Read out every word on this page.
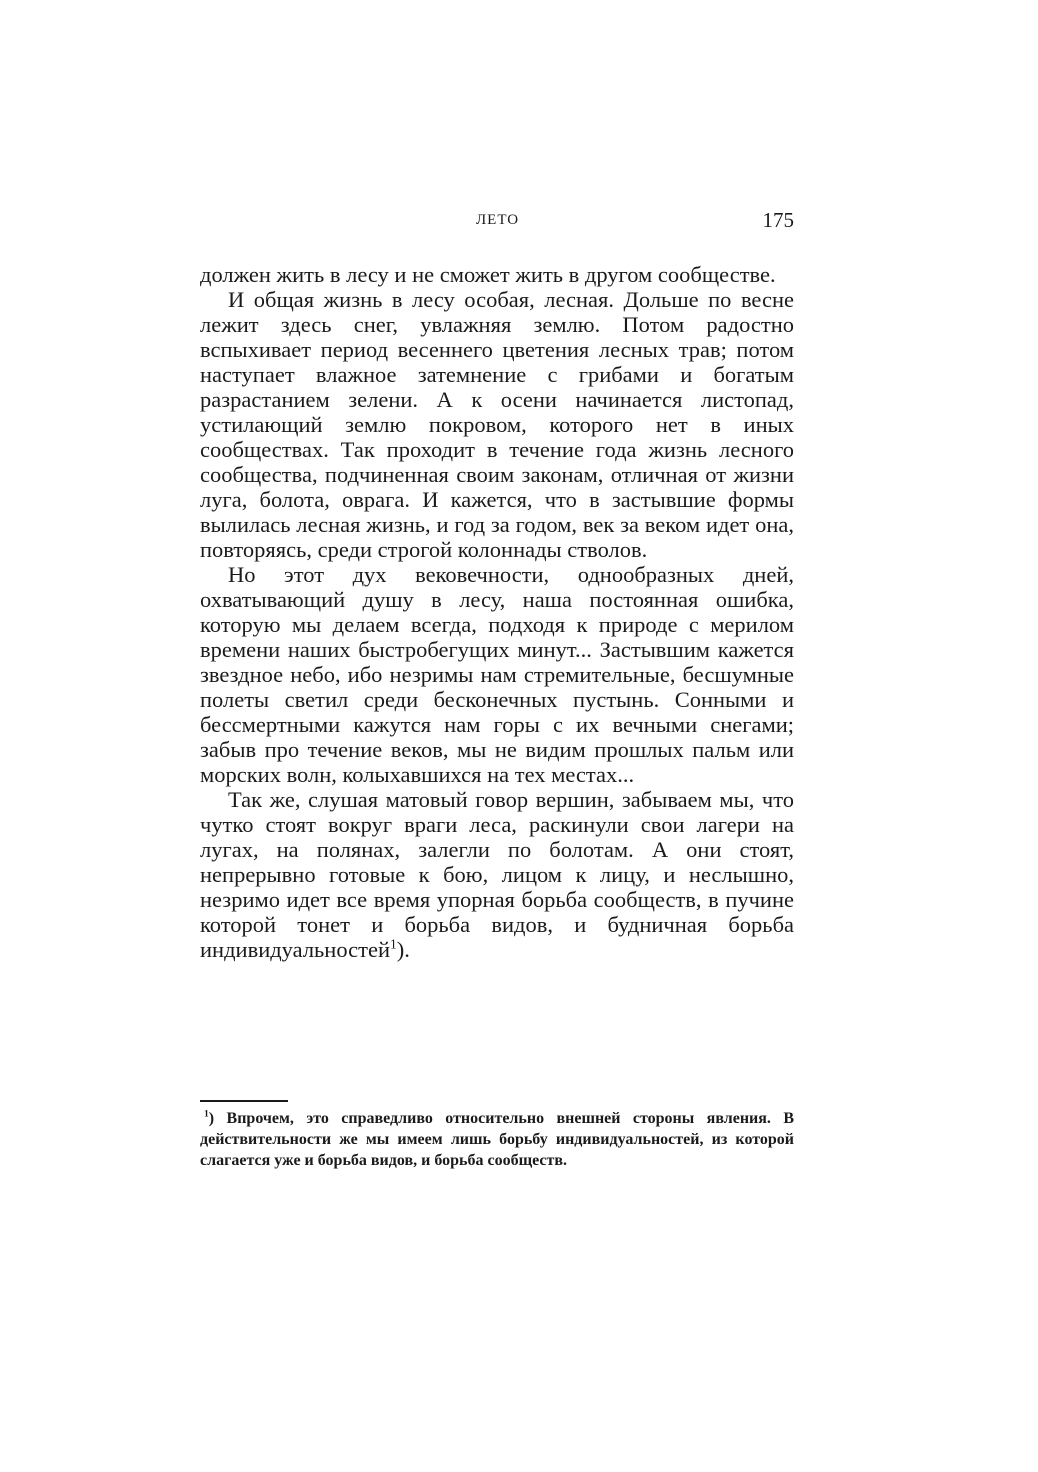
ЛЕТО	175

должен жить в лесу и не сможет жить в другом сообществе.

И общая жизнь в лесу особая, лесная. Дольше по весне лежит здесь снег, увлажняя землю. Потом радостно вспыхивает период весеннего цветения лесных трав; потом наступает влажное затемнение с грибами и богатым разрастанием зелени. А к осени начинается листопад, устилающий землю покровом, которого нет в иных сообществах. Так проходит в течение года жизнь лесного сообщества, подчиненная своим законам, отличная от жизни луга, болота, оврага. И кажется, что в застывшие формы вылилась лесная жизнь, и год за годом, век за веком идет она, повторяясь, среди строгой колоннады стволов.

Но этот дух вековечности, однообразных дней, охватывающий душу в лесу, наша постоянная ошибка, которую мы делаем всегда, подходя к природе с мерилом времени наших быстробегущих минут... Застывшим кажется звездное небо, ибо незримы нам стремительные, бесшумные полеты светил среди бесконечных пустынь. Сонными и бессмертными кажутся нам горы с их вечными снегами; забыв про течение веков, мы не видим прошлых пальм или морских волн, колыхавшихся на тех местах...

Так же, слушая матовый говор вершин, забываем мы, что чутко стоят вокруг враги леса, раскинули свои лагери на лугах, на полянах, залегли по болотам. А они стоят, непрерывно готовые к бою, лицом к лицу, и неслышно, незримо идет все время упорная борьба сообществ, в пучине которой тонет и борьба видов, и будничная борьба индивидуальностей$^1$).

$^1$) Впрочем, это справедливо относительно внешней стороны явления. В действительности же мы имеем лишь борьбу индивидуальностей, из которой слагается уже и борьба видов, и борьба сообществ.
